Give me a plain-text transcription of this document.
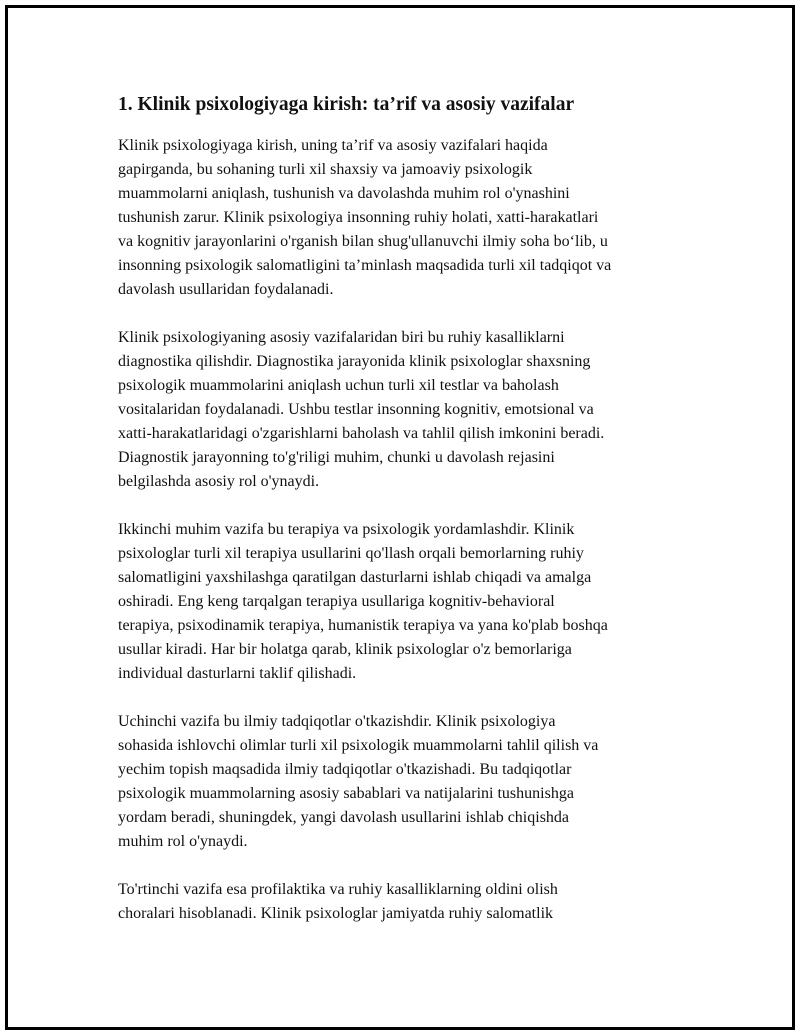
1. Klinik psixologiyaga kirish: ta’rif va asosiy vazifalar

Klinik psixologiyaga kirish, uning ta’rif va asosiy vazifalari haqida
gapirganda, bu sohaning turli xil shaxsiy va jamoaviy psixologik
muammolarni aniqlash, tushunish va davolashda muhim rol o'ynashini
tushunish zarur. Klinik psixologiya insonning ruhiy holati, xatti-harakatlari
va kognitiv jarayonlarini o'rganish bilan shug'ullanuvchi ilmiy soha bo‘lib, u
insonning psixologik salomatligini ta’minlash maqsadida turli xil tadqiqot va
davolash usullaridan foydalanadi.

Klinik psixologiyaning asosiy vazifalaridan biri bu ruhiy kasalliklarni
diagnostika qilishdir. Diagnostika jarayonida klinik psixologlar shaxsning
psixologik muammolarini aniqlash uchun turli xil testlar va baholash
vositalaridan foydalanadi. Ushbu testlar insonning kognitiv, emotsional va
xatti-harakatlaridagi o'zgarishlarni baholash va tahlil qilish imkonini beradi.
Diagnostik jarayonning to'g'riligi muhim, chunki u davolash rejasini
belgilashda asosiy rol o'ynaydi.

Ikkinchi muhim vazifa bu terapiya va psixologik yordamlashdir. Klinik
psixologlar turli xil terapiya usullarini qo'llash orqali bemorlarning ruhiy
salomatligini yaxshilashga qaratilgan dasturlarni ishlab chiqadi va amalga
oshiradi. Eng keng tarqalgan terapiya usullariga kognitiv-behavioral
terapiya, psixodinamik terapiya, humanistik terapiya va yana ko'plab boshqa
usullar kiradi. Har bir holatga qarab, klinik psixologlar o'z bemorlariga
individual dasturlarni taklif qilishadi.

Uchinchi vazifa bu ilmiy tadqiqotlar o'tkazishdir. Klinik psixologiya
sohasida ishlovchi olimlar turli xil psixologik muammolarni tahlil qilish va
yechim topish maqsadida ilmiy tadqiqotlar o'tkazishadi. Bu tadqiqotlar
psixologik muammolarning asosiy sabablari va natijalarini tushunishga
yordam beradi, shuningdek, yangi davolash usullarini ishlab chiqishda
muhim rol o'ynaydi.

To'rtinchi vazifa esa profilaktika va ruhiy kasalliklarning oldini olish
choralari hisoblanadi. Klinik psixologlar jamiyatda ruhiy salomatlik
